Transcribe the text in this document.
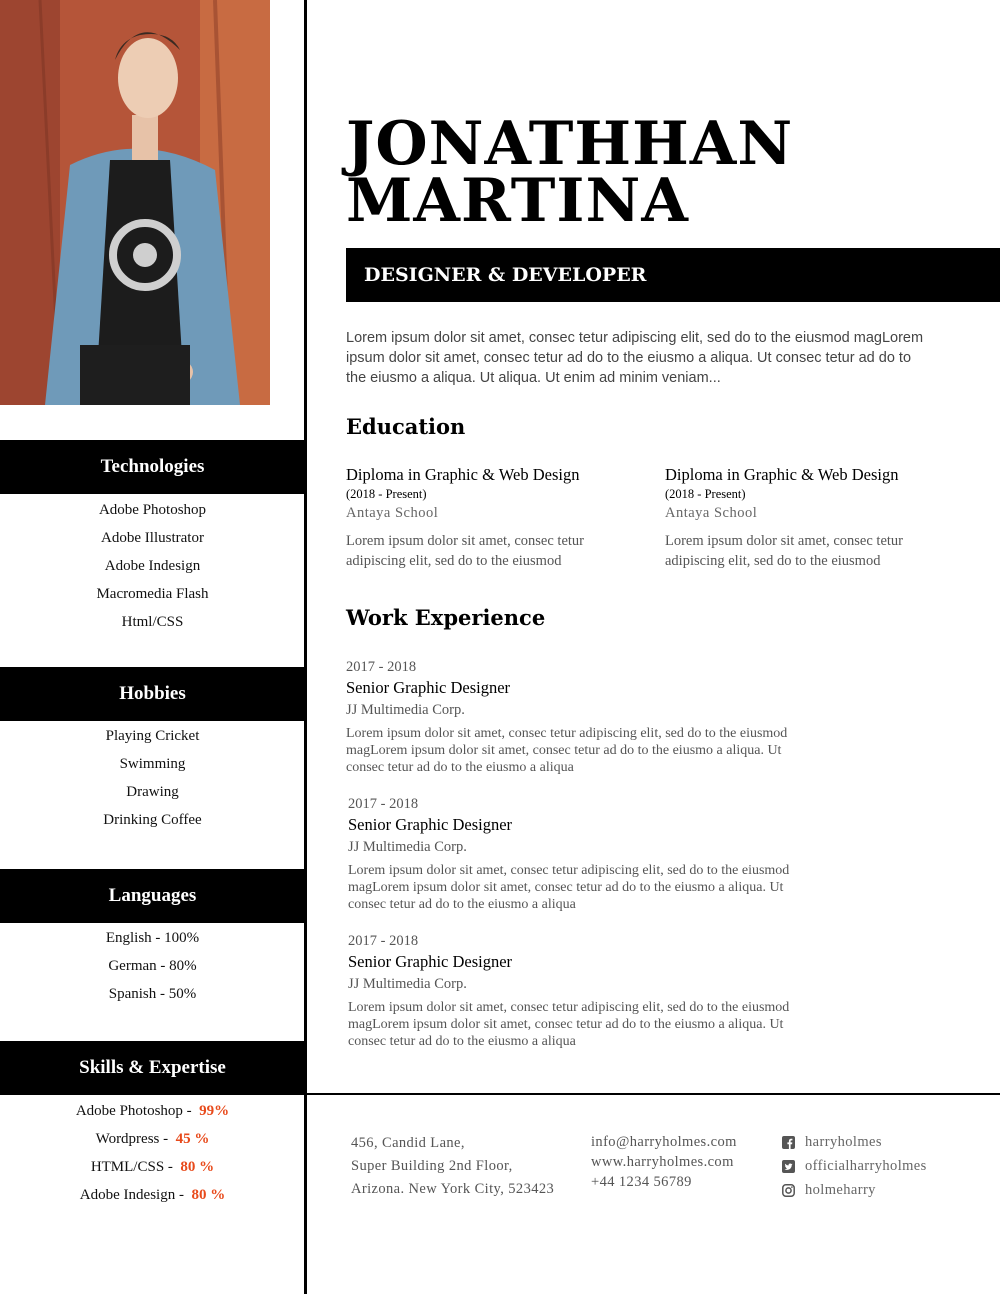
Technologies
Adobe Photoshop
Adobe Illustrator
Adobe Indesign
Macromedia Flash
Html/CSS
Hobbies
Playing Cricket
Swimming
Drawing
Drinking Coffee
Languages
English - 100%
German - 80%
Spanish - 50%
Skills & Expertise
Adobe Photoshop - 99%
Wordpress - 45 %
HTML/CSS - 80 %
Adobe Indesign - 80 %
JONATHHAN
MARTINA
DESIGNER & DEVELOPER
Lorem ipsum dolor sit amet, consec tetur adipiscing elit, sed do to the eiusmod magLorem ipsum dolor sit amet, consec tetur ad do to the eiusmo a aliqua. Ut consec tetur ad do to the eiusmo a aliqua. Ut aliqua. Ut enim ad minim veniam...
Education
Diploma in Graphic & Web Design
(2018 - Present)
Antaya School
Lorem ipsum dolor sit amet, consec tetur adipiscing elit, sed do to the eiusmod
Diploma in Graphic & Web Design
(2018 - Present)
Antaya School
Lorem ipsum dolor sit amet, consec tetur adipiscing elit, sed do to the eiusmod
Work Experience
2017 - 2018
Senior Graphic Designer
JJ Multimedia Corp.
Lorem ipsum dolor sit amet, consec tetur adipiscing elit, sed do to the eiusmod magLorem ipsum dolor sit amet, consec tetur ad do to the eiusmo a aliqua. Ut consec tetur ad do to the eiusmo a aliqua
2017 - 2018
Senior Graphic Designer
JJ Multimedia Corp.
Lorem ipsum dolor sit amet, consec tetur adipiscing elit, sed do to the eiusmod magLorem ipsum dolor sit amet, consec tetur ad do to the eiusmo a aliqua. Ut consec tetur ad do to the eiusmo a aliqua
2017 - 2018
Senior Graphic Designer
JJ Multimedia Corp.
Lorem ipsum dolor sit amet, consec tetur adipiscing elit, sed do to the eiusmod magLorem ipsum dolor sit amet, consec tetur ad do to the eiusmo a aliqua. Ut consec tetur ad do to the eiusmo a aliqua
456, Candid Lane,
Super Building 2nd Floor,
Arizona. New York City, 523423
info@harryholmes.com
www.harryholmes.com
+44 1234 56789
harryholmes
officialharryholmes
holmeharry
